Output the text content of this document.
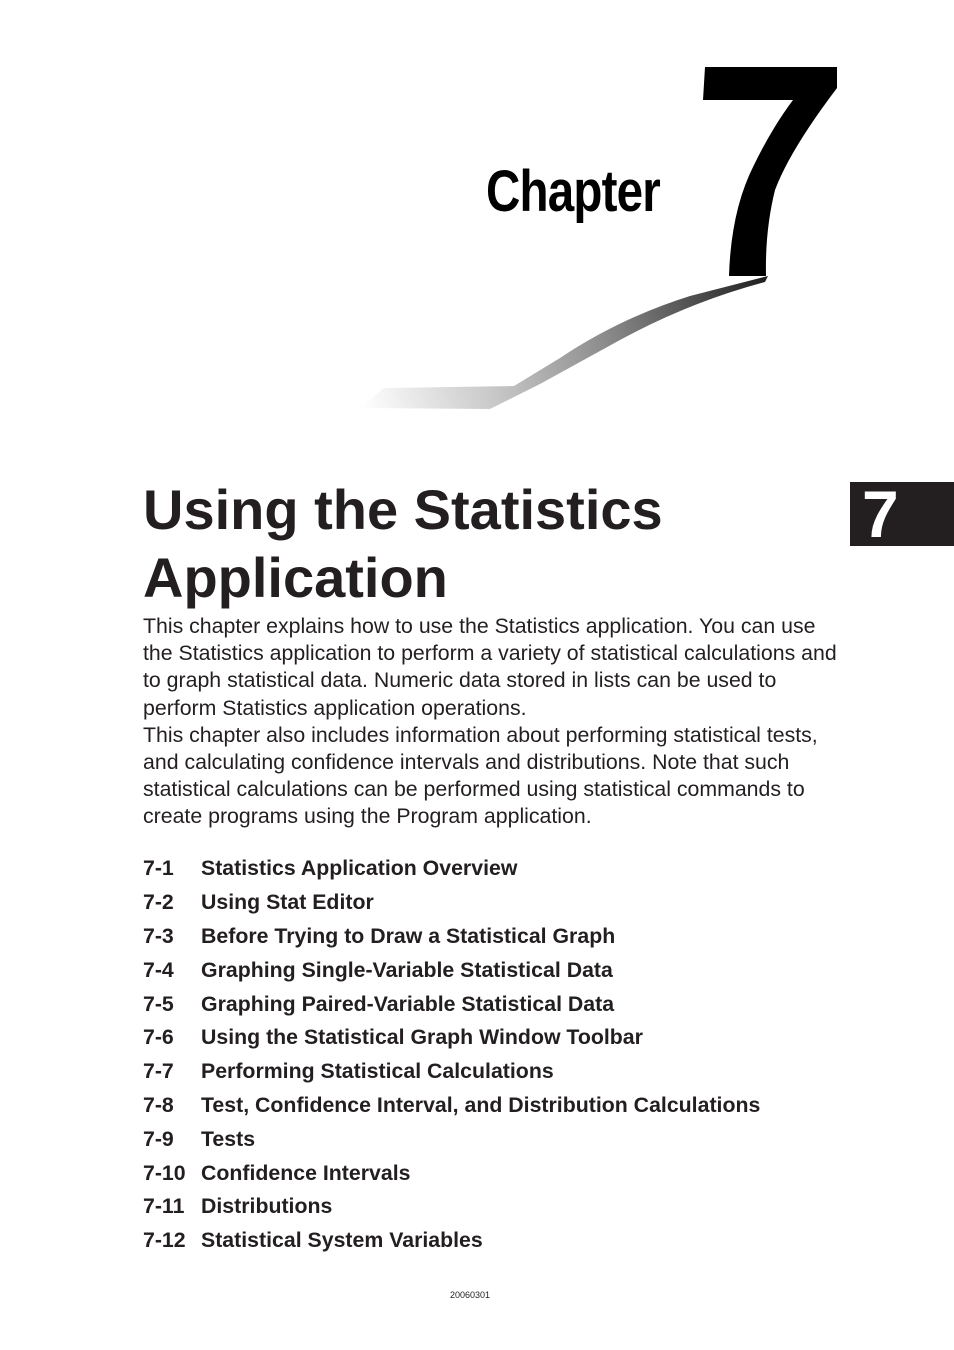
Chapter
7
Using the Statistics Application

This chapter explains how to use the Statistics application. You can use the Statistics application to perform a variety of statistical calculations and to graph statistical data. Numeric data stored in lists can be used to perform Statistics application operations.

This chapter also includes information about performing statistical tests, and calculating confidence intervals and distributions. Note that such statistical calculations can be performed using statistical commands to create programs using the Program application.

7-1	Statistics Application Overview
7-2	Using Stat Editor
7-3	Before Trying to Draw a Statistical Graph
7-4	Graphing Single-Variable Statistical Data
7-5	Graphing Paired-Variable Statistical Data
7-6	Using the Statistical Graph Window Toolbar
7-7	Performing Statistical Calculations
7-8	Test, Confidence Interval, and Distribution Calculations
7-9	Tests
7-10 Confidence Intervals
7-11 Distributions
7-12 Statistical System Variables
20060301
